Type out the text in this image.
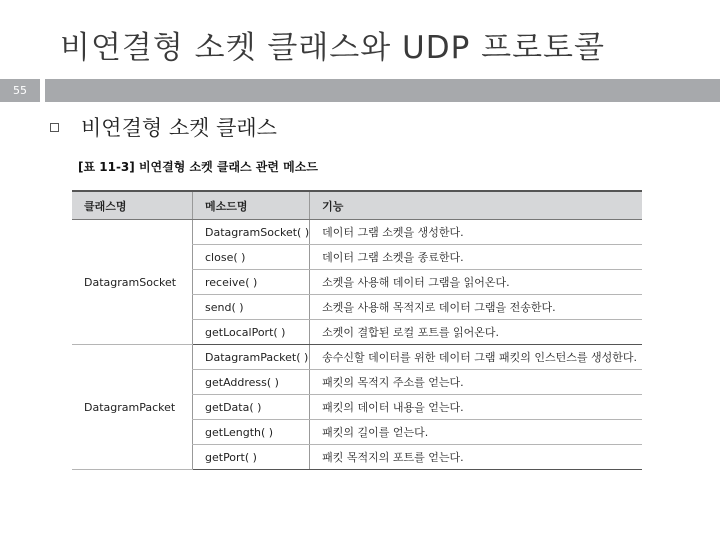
비연결형 소켓 클래스와 UDP 프로토콜
55
비연결형 소켓 클래스
[표 11-3] 비연결형 소켓 클래스 관련 메소드
클래스명	메소드명	기능
DatagramSocket	DatagramSocket( )	데이터 그램 소켓을 생성한다.
	close( )	데이터 그램 소켓을 종료한다.
	receive( )	소켓을 사용해 데이터 그램을 읽어온다.
	send( )	소켓을 사용해 목적지로 데이터 그램을 전송한다.
	getLocalPort( )	소켓이 결합된 로컬 포트를 읽어온다.
DatagramPacket	DatagramPacket( )	송수신할 데이터를 위한 데이터 그램 패킷의 인스턴스를 생성한다.
	getAddress( )	패킷의 목적지 주소를 얻는다.
	getData( )	패킷의 데이터 내용을 얻는다.
	getLength( )	패킷의 길이를 얻는다.
	getPort( )	패킷 목적지의 포트를 얻는다.
